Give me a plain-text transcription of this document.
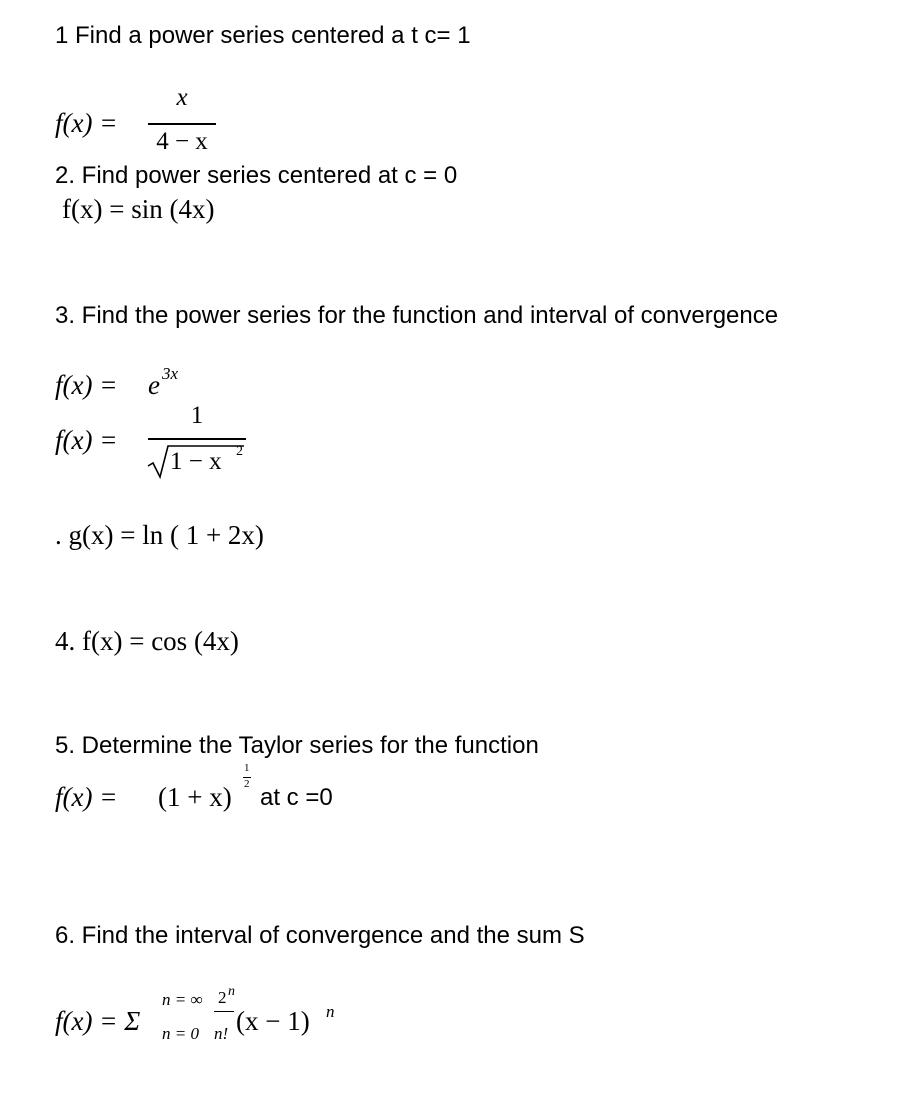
1 Find a power series centered a t c= 1
f(x) =
x
4 − x
2. Find power series centered at c = 0
f(x) = sin (4x)
3. Find the power series for the function and interval of convergence
f(x) = e 3x
f(x) =
1
1 − x 2
. g(x) = ln ( 1 + 2x)
4. f(x) = cos (4x)
5. Determine the Taylor series for the function
f(x) = (1 + x)
1
2 at c =0
6. Find the interval of convergence and the sum S
f(x) = Σ
n = ∞
n = 0
2 n
n! (x − 1) n
